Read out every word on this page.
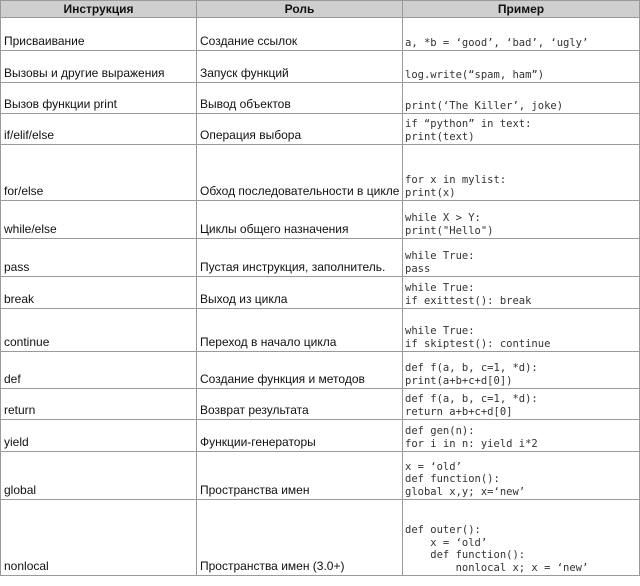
Инструкция	Роль	Пример
Присваивание	Создание ссылок	a, *b = ‘good’, ‘bad’, ‘ugly’
Вызовы и другие выражения	Запуск функций	log.write(“spam, ham”)
Вызов функции print	Вывод объектов	print(‘The Killer’, joke)
if/elif/else	Операция выбора	if “python” in text:
print(text)
for/else	Обход последовательности в цикле	for x in mylist:
print(x)
while/else	Циклы общего назначения	while X > Y:
print("Hello")
pass	Пустая инструкция, заполнитель.	while True:
pass
break	Выход из цикла	while True:
if exittest(): break
continue	Переход в начало цикла	while True:
if skiptest(): continue
def	Создание функция и методов	def f(a, b, c=1, *d):
print(a+b+c+d[0])
return	Возврат результата	def f(a, b, c=1, *d):
return a+b+c+d[0]
yield	Функции-генераторы	def gen(n):
for i in n: yield i*2
global	Пространства имен	x = ‘old’
def function():
global x,y; x=‘new’
nonlocal	Пространства имен (3.0+)	def outer():
x = ‘old’
def function():
nonlocal x; x = ‘new’
